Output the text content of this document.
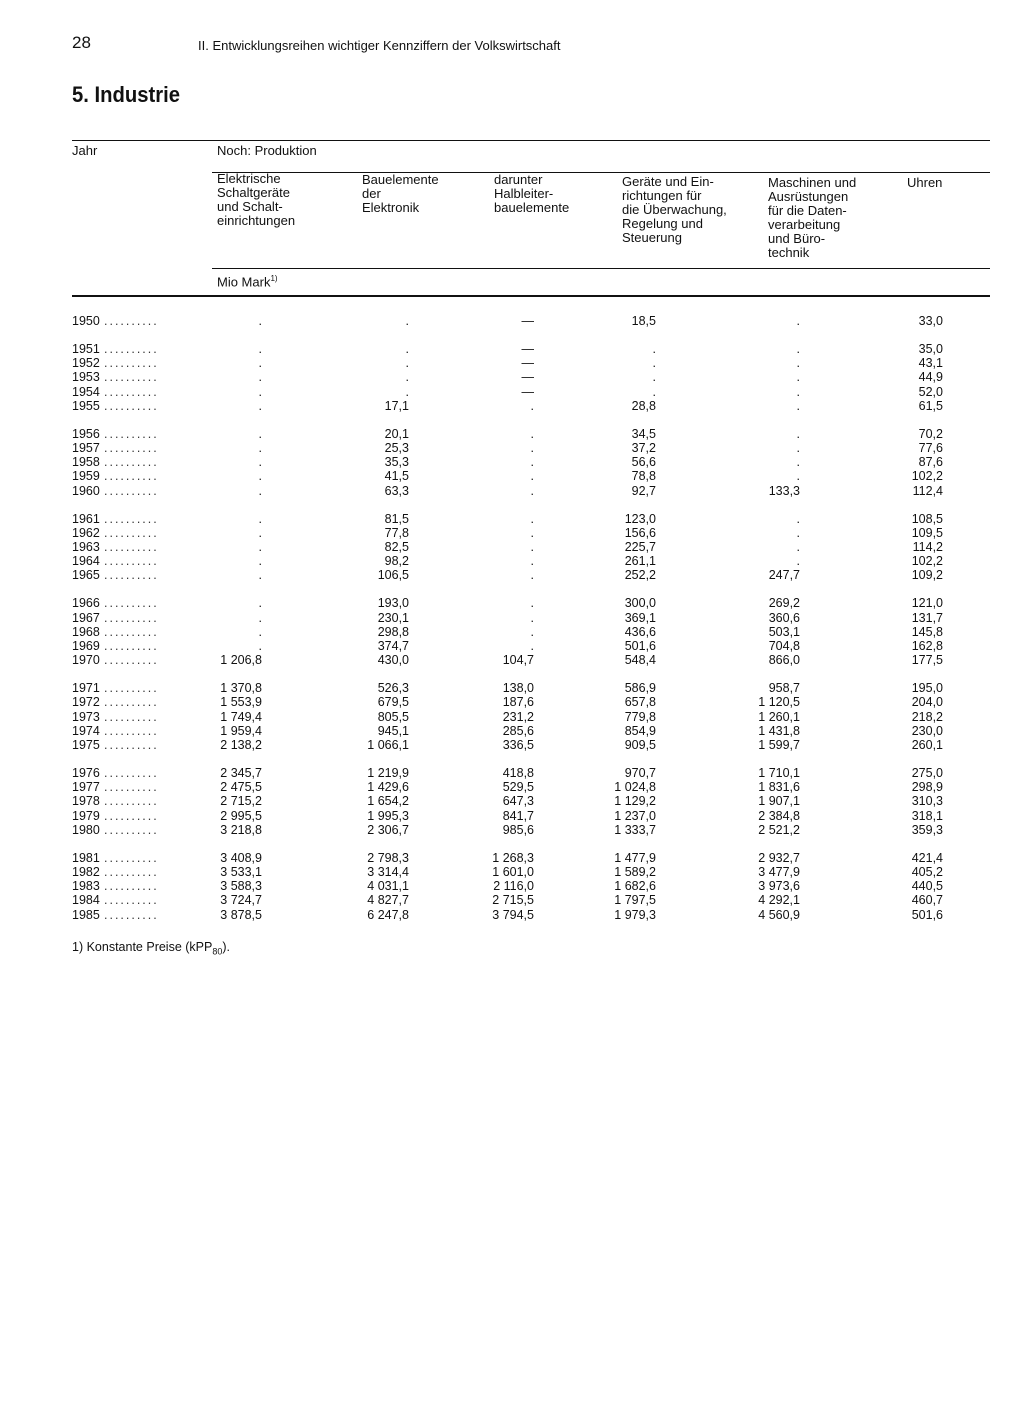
28	II. Entwicklungsreihen wichtiger Kennziffern der Volkswirtschaft
5. Industrie
Jahr	Noch: Produktion
Elektrische
Schaltgeräte
und Schalt-
einrichtungen
Bauelemente
der
Elektronik
darunter
Halbleiter-
bauelemente
Geräte und Ein-
richtungen für
die Überwachung,
Regelung und
Steuerung
Maschinen und
Ausrüstungen
für die Daten-
verarbeitung
und Büro-
technik
Uhren
Mio Mark$^{1)}$
1950 ..........	.	.	—	18,5	.	33,0
1951 ..........	.	.	—	.	.	35,0
1952 ..........	.	.	—	.	.	43,1
1953 ..........	.	.	—	.	.	44,9
1954 ..........	.	.	—	.	.	52,0
1955 ..........	.	17,1	.	28,8	.	61,5
1956 ..........	.	20,1	.	34,5	.	70,2
1957 ..........	.	25,3	.	37,2	.	77,6
1958 ..........	.	35,3	.	56,6	.	87,6
1959 ..........	.	41,5	.	78,8	.	102,2
1960 ..........	.	63,3	.	92,7	133,3	112,4
1961 ..........	.	81,5	.	123,0	.	108,5
1962 ..........	.	77,8	.	156,6	.	109,5
1963 ..........	.	82,5	.	225,7	.	114,2
1964 ..........	.	98,2	.	261,1	.	102,2
1965 ..........	.	106,5	.	252,2	247,7	109,2
1966 ..........	.	193,0	.	300,0	269,2	121,0
1967 ..........	.	230,1	.	369,1	360,6	131,7
1968 ..........	.	298,8	.	436,6	503,1	145,8
1969 ..........	.	374,7	.	501,6	704,8	162,8
1970 ..........	1 206,8	430,0	104,7	548,4	866,0	177,5
1971 ..........	1 370,8	526,3	138,0	586,9	958,7	195,0
1972 ..........	1 553,9	679,5	187,6	657,8	1 120,5	204,0
1973 ..........	1 749,4	805,5	231,2	779,8	1 260,1	218,2
1974 ..........	1 959,4	945,1	285,6	854,9	1 431,8	230,0
1975 ..........	2 138,2	1 066,1	336,5	909,5	1 599,7	260,1
1976 ..........	2 345,7	1 219,9	418,8	970,7	1 710,1	275,0
1977 ..........	2 475,5	1 429,6	529,5	1 024,8	1 831,6	298,9
1978 ..........	2 715,2	1 654,2	647,3	1 129,2	1 907,1	310,3
1979 ..........	2 995,5	1 995,3	841,7	1 237,0	2 384,8	318,1
1980 ..........	3 218,8	2 306,7	985,6	1 333,7	2 521,2	359,3
1981 ..........	3 408,9	2 798,3	1 268,3	1 477,9	2 932,7	421,4
1982 ..........	3 533,1	3 314,4	1 601,0	1 589,2	3 477,9	405,2
1983 ..........	3 588,3	4 031,1	2 116,0	1 682,6	3 973,6	440,5
1984 ..........	3 724,7	4 827,7	2 715,5	1 797,5	4 292,1	460,7
1985 ..........	3 878,5	6 247,8	3 794,5	1 979,3	4 560,9	501,6
1) Konstante Preise (kPP$_{80}$).
